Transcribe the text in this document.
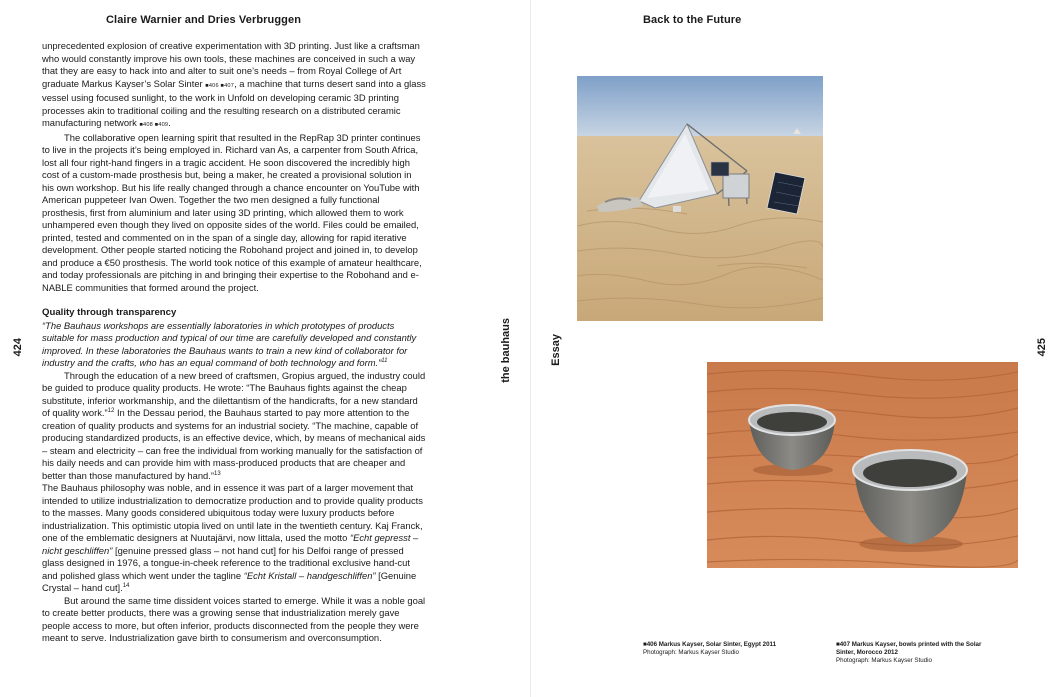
Claire Warnier and Dries Verbruggen	Back to the Future
424	425
the bauhaus	Essay

unprecedented explosion of creative experimentation with 3D printing. Just like a craftsman who would constantly improve his own tools, these machines are conceived in such a way that they are easy to hack into and alter to suit one’s needs – from Royal College of Art graduate Markus Kayser’s Solar Sinter ■406 ■407, a machine that turns desert sand into a glass vessel using focused sunlight, to the work in Unfold on developing ceramic 3D printing processes akin to traditional coiling and the resulting research on a distributed ceramic manufacturing network ■408 ■409.

The collaborative open learning spirit that resulted in the RepRap 3D printer continues to live in the projects it’s being employed in. Richard van As, a carpenter from South Africa, lost all four right-hand fingers in a tragic accident. He soon discovered the incredibly high cost of a custom-made prosthesis but, being a maker, he created a provisional solution in his own workshop. But his life really changed through a chance encounter on YouTube with American puppeteer Ivan Owen. Together the two men designed a fully functional prosthesis, first from aluminium and later using 3D printing, which allowed them to work unhampered even though they lived on opposite sides of the world. Files could be emailed, printed, tested and commented on in the span of a single day, allowing for rapid iterative development. Other people started noticing the Robohand project and joined in, to develop and produce a €50 prosthesis. The world took notice of this example of amateur healthcare, and today professionals are pitching in and bringing their expertise to the Robohand and e-NABLE communities that formed around the project.

Quality through transparency

“The Bauhaus workshops are essentially laboratories in which prototypes of products suitable for mass production and typical of our time are carefully developed and constantly improved. In these laboratories the Bauhaus wants to train a new kind of collaborator for industry and the crafts, who has an equal command of both technology and form.”$^{11}$

Through the education of a new breed of craftsmen, Gropius argued, the industry could be guided to produce quality products. He wrote: “The Bauhaus fights against the cheap substitute, inferior workmanship, and the dilettantism of the handicrafts, for a new standard of quality work.”$^{12}$ In the Dessau period, the Bauhaus started to pay more attention to the creation of quality products and systems for an industrial society. “The machine, capable of producing standardized products, is an effective device, which, by means of mechanical aids – steam and electricity – can free the individual from working manually for the satisfaction of his daily needs and can provide him with mass-produced products that are cheaper and better than those manufactured by hand.”$^{13}$

The Bauhaus philosophy was noble, and in essence it was part of a larger movement that intended to utilize industrialization to democratize production and to provide quality products to the masses. Many goods considered ubiquitous today were luxury products before industrialization. This optimistic utopia lived on until late in the twentieth century. Kaj Franck, one of the emblematic designers at Nuutajärvi, now Iittala, used the motto “Echt gepresst – nicht geschliffen” [genuine pressed glass – not hand cut] for his Delfoi range of pressed glass designed in 1976, a tongue-in-cheek reference to the traditional exclusive hand-cut and polished glass which went under the tagline “Echt Kristall – handgeschliffen” [Genuine Crystal – hand cut].$^{14}$

But around the same time dissident voices started to emerge. While it was a noble goal to create better products, there was a growing sense that industrialization merely gave people access to more, but often inferior, products disconnected from the people they were meant to serve. Industrialization gave birth to consumerism and overconsumption.

■406 Markus Kayser, Solar Sinter, Egypt 2011
Photograph: Markus Kayser Studio
■407 Markus Kayser, bowls printed with the Solar Sinter, Morocco 2012
Photograph: Markus Kayser Studio
